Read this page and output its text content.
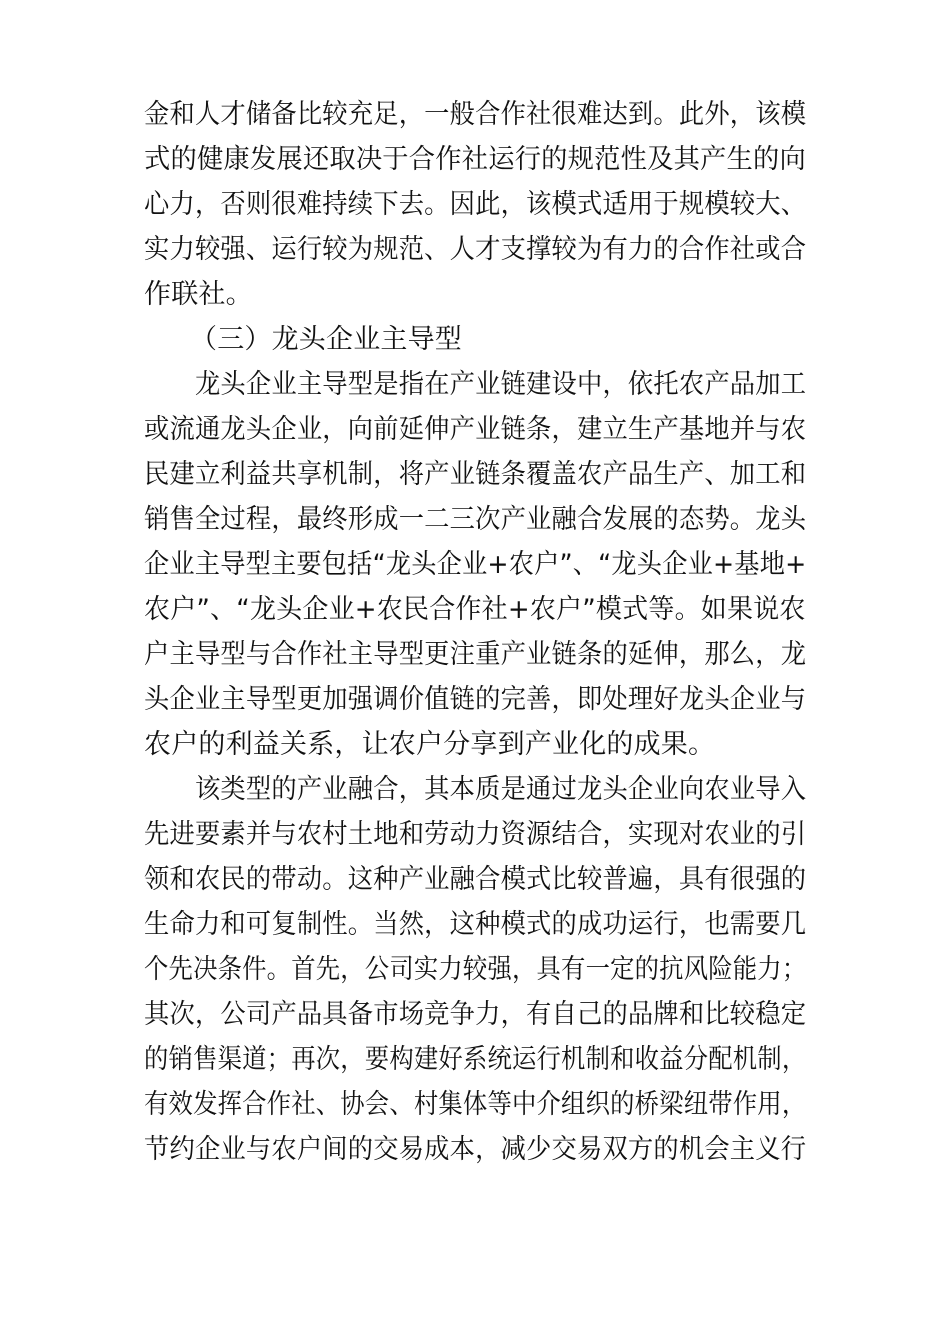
金和人才储备比较充足，一般合作社很难达到。此外，该模
式的健康发展还取决于合作社运行的规范性及其产生的向
心力，否则很难持续下去。因此，该模式适用于规模较大、
实力较强、运行较为规范、人才支撑较为有力的合作社或合
作联社。
（三）龙头企业主导型
　　龙头企业主导型是指在产业链建设中，依托农产品加工
或流通龙头企业，向前延伸产业链条，建立生产基地并与农
民建立利益共享机制，将产业链条覆盖农产品生产、加工和
销售全过程，最终形成一二三次产业融合发展的态势。龙头
企业主导型主要包括“龙头企业+农户”、“龙头企业+基地+
农户”、“龙头企业+农民合作社+农户”模式等。如果说农
户主导型与合作社主导型更注重产业链条的延伸，那么，龙
头企业主导型更加强调价值链的完善，即处理好龙头企业与
农户的利益关系，让农户分享到产业化的成果。
　　该类型的产业融合，其本质是通过龙头企业向农业导入
先进要素并与农村土地和劳动力资源结合，实现对农业的引
领和农民的带动。这种产业融合模式比较普遍，具有很强的
生命力和可复制性。当然，这种模式的成功运行，也需要几
个先决条件。首先，公司实力较强，具有一定的抗风险能力；
其次，公司产品具备市场竞争力，有自己的品牌和比较稳定
的销售渠道；再次，要构建好系统运行机制和收益分配机制，
有效发挥合作社、协会、村集体等中介组织的桥梁纽带作用，
节约企业与农户间的交易成本，减少交易双方的机会主义行
